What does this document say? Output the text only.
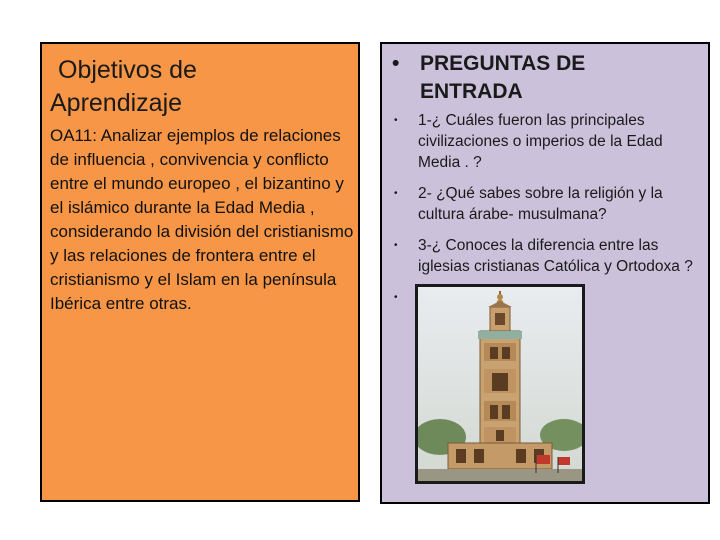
Objetivos de
Aprendizaje
OA11: Analizar ejemplos de relaciones de influencia , convivencia y conflicto entre el mundo europeo , el bizantino y el islámico durante la Edad Media , considerando la división del cristianismo y las relaciones de frontera entre el cristianismo y el Islam en la península Ibérica entre otras.
• PREGUNTAS DE ENTRADA
• 1-¿ Cuáles fueron las principales civilizaciones o imperios de la Edad Media . ?
• 2- ¿Qué sabes sobre la religión y la cultura árabe- musulmana?
• 3-¿ Conoces la diferencia entre las iglesias cristianas Católica y Ortodoxa ?
•
